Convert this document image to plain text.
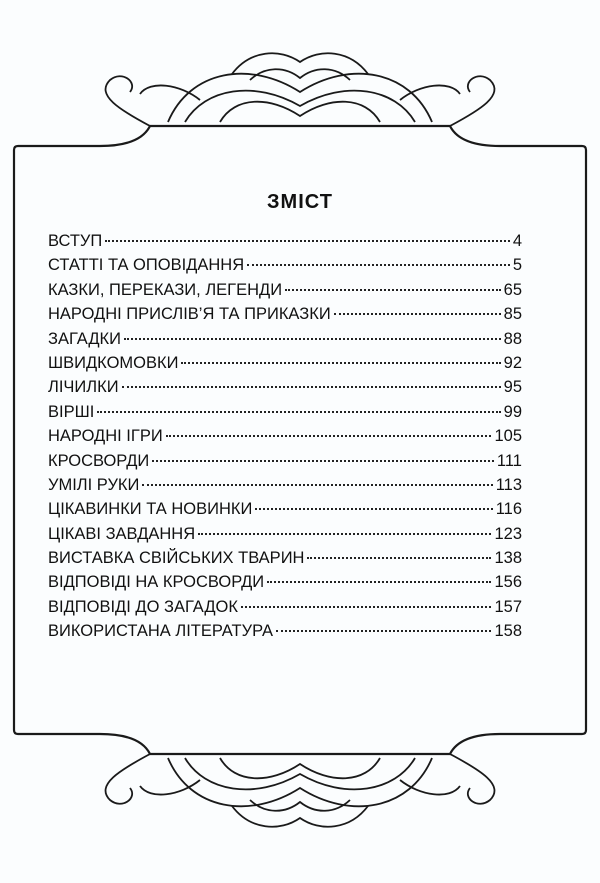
ЗМІСТ
ВСТУП	4
СТАТТІ ТА ОПОВІДАННЯ	5
КАЗКИ, ПЕРЕКАЗИ, ЛЕГЕНДИ	65
НАРОДНІ ПРИСЛІВ’Я ТА ПРИКАЗКИ	85
ЗАГАДКИ	88
ШВИДКОМОВКИ	92
ЛІЧИЛКИ	95
ВІРШІ	99
НАРОДНІ ІГРИ	105
КРОСВОРДИ	111
УМІЛІ РУКИ	113
ЦІКАВИНКИ ТА НОВИНКИ	116
ЦІКАВІ ЗАВДАННЯ	123
ВИСТАВКА СВІЙСЬКИХ ТВАРИН	138
ВІДПОВІДІ НА КРОСВОРДИ	156
ВІДПОВІДІ ДО ЗАГАДОК	157
ВИКОРИСТАНА ЛІТЕРАТУРА	158
